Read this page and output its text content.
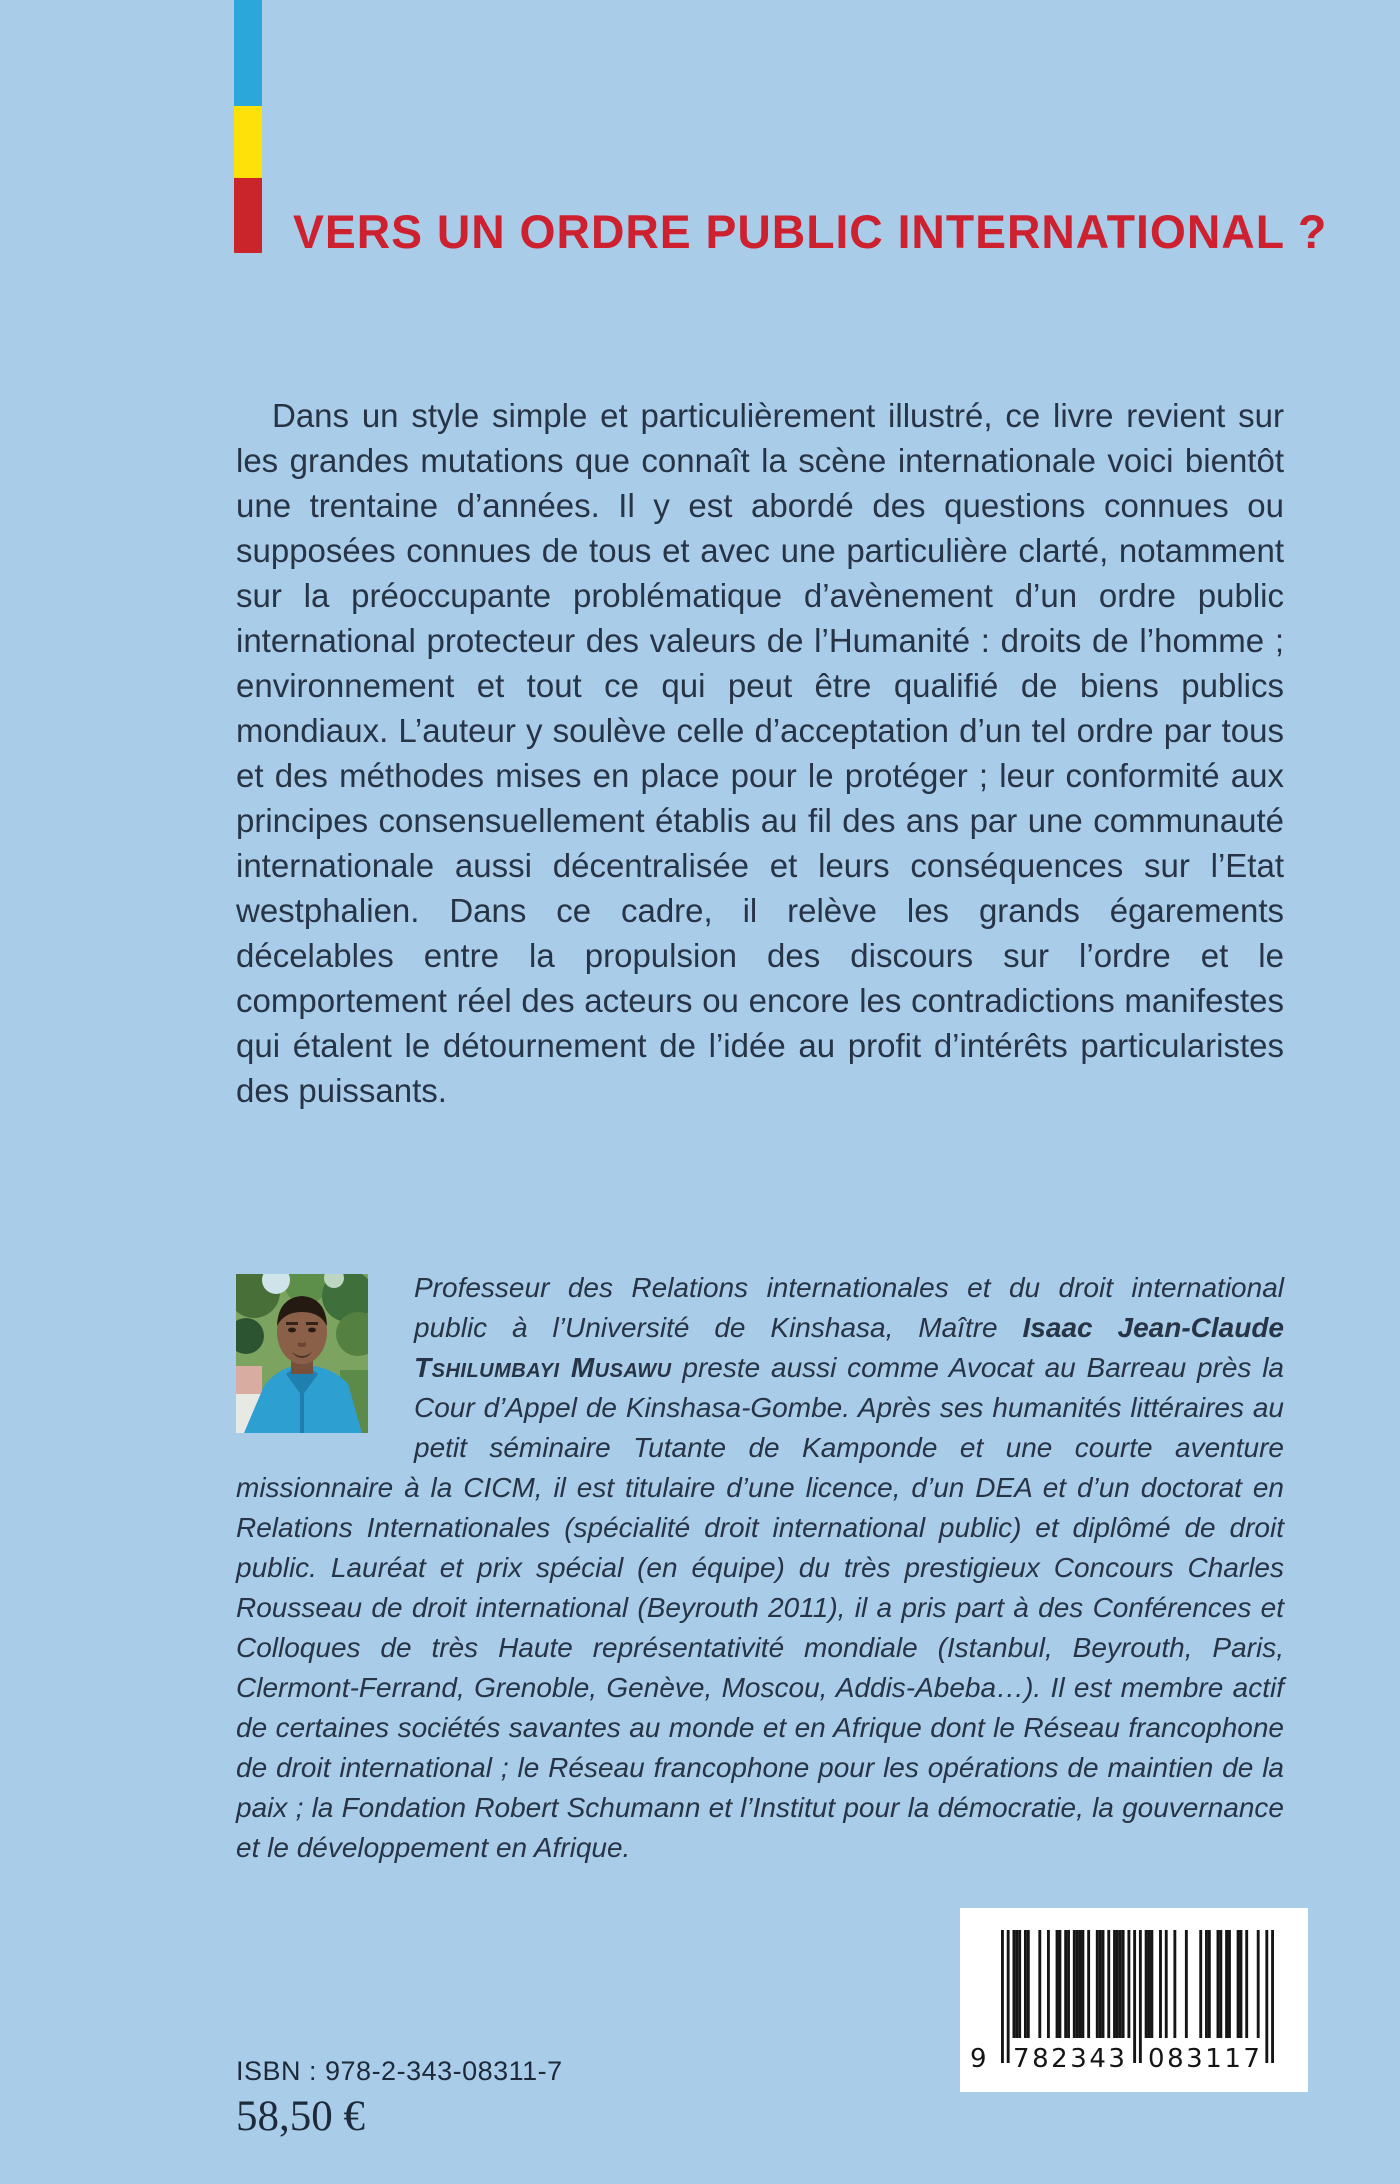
VERS UN ORDRE PUBLIC INTERNATIONAL ?
Dans un style simple et particulièrement illustré, ce livre revient sur les grandes mutations que connaît la scène internationale voici bientôt une trentaine d’années. Il y est abordé des questions connues ou supposées connues de tous et avec une particulière clarté, notamment sur la préoccupante problématique d’avènement d’un ordre public international protecteur des valeurs de l’Humanité : droits de l’homme ; environnement et tout ce qui peut être qualifié de biens publics mondiaux. L’auteur y soulève celle d’acceptation d’un tel ordre par tous et des méthodes mises en place pour le protéger ; leur conformité aux principes consensuellement établis au fil des ans par une communauté internationale aussi décentralisée et leurs conséquences sur l’Etat westphalien. Dans ce cadre, il relève les grands égarements décelables entre la propulsion des discours sur l’ordre et le comportement réel des acteurs ou encore les contradictions manifestes qui étalent le détournement de l’idée au profit d’intérêts particularistes des puissants.
Professeur des Relations internationales et du droit international public à l’Université de Kinshasa, Maître Isaac Jean-Claude Tshilumbayi Musawu preste aussi comme Avocat au Barreau près la Cour d’Appel de Kinshasa-Gombe. Après ses humanités littéraires au petit séminaire Tutante de Kamponde et une courte aventure missionnaire à la CICM, il est titulaire d’une licence, d’un DEA et d’un doctorat en Relations Internationales (spécialité droit international public) et diplômé de droit public. Lauréat et prix spécial (en équipe) du très prestigieux Concours Charles Rousseau de droit international (Beyrouth 2011), il a pris part à des Conférences et Colloques de très Haute représentativité mondiale (Istanbul, Beyrouth, Paris, Clermont-Ferrand, Grenoble, Genève, Moscou, Addis-Abeba…). Il est membre actif de certaines sociétés savantes au monde et en Afrique dont le Réseau francophone de droit international ; le Réseau francophone pour les opérations de maintien de la paix ; la Fondation Robert Schumann et l’Institut pour la démocratie, la gouvernance et le développement en Afrique.
ISBN : 978-2-343-08311-7
58,50 €
9	7 8 2 3 4 3 0 8 3 1 1 7
